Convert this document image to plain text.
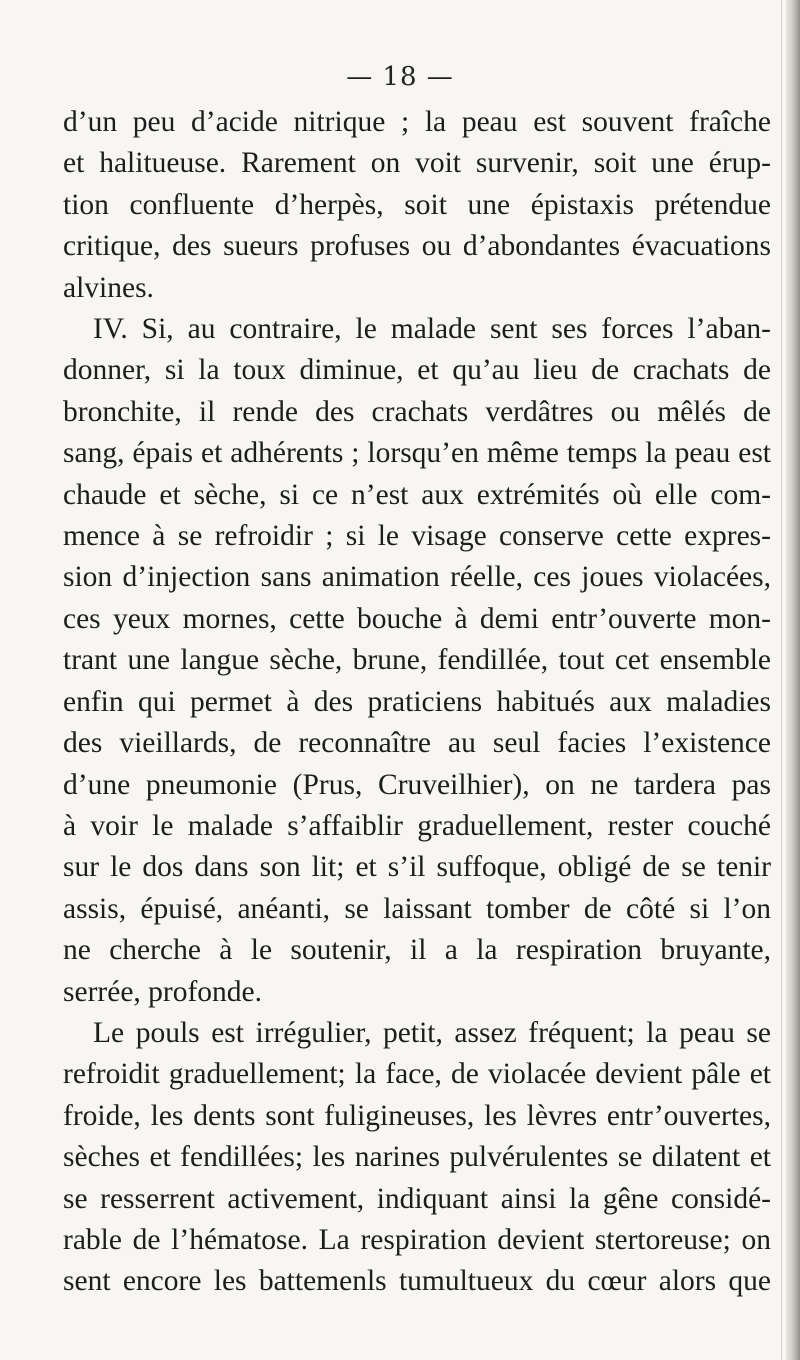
— 18 —
d’un peu d’acide nitrique ; la peau est souvent fraîche
et halitueuse. Rarement on voit survenir, soit une érup-
tion confluente d’herpès, soit une épistaxis prétendue
critique, des sueurs profuses ou d’abondantes évacuations
alvines.
IV. Si, au contraire, le malade sent ses forces l’aban-
donner, si la toux diminue, et qu’au lieu de crachats de
bronchite, il rende des crachats verdâtres ou mêlés de
sang, épais et adhérents ; lorsqu’en même temps la peau est
chaude et sèche, si ce n’est aux extrémités où elle com-
mence à se refroidir ; si le visage conserve cette expres-
sion d’injection sans animation réelle, ces joues violacées,
ces yeux mornes, cette bouche à demi entr’ouverte mon-
trant une langue sèche, brune, fendillée, tout cet ensemble
enfin qui permet à des praticiens habitués aux maladies
des vieillards, de reconnaître au seul facies l’existence
d’une pneumonie (Prus, Cruveilhier), on ne tardera pas
à voir le malade s’affaiblir graduellement, rester couché
sur le dos dans son lit; et s’il suffoque, obligé de se tenir
assis, épuisé, anéanti, se laissant tomber de côté si l’on
ne cherche à le soutenir, il a la respiration bruyante,
serrée, profonde.
Le pouls est irrégulier, petit, assez fréquent; la peau se
refroidit graduellement; la face, de violacée devient pâle et
froide, les dents sont fuligineuses, les lèvres entr’ouvertes,
sèches et fendillées; les narines pulvérulentes se dilatent et
se resserrent activement, indiquant ainsi la gêne considé-
rable de l’hématose. La respiration devient stertoreuse; on
sent encore les battemenls tumultueux du cœur alors que
